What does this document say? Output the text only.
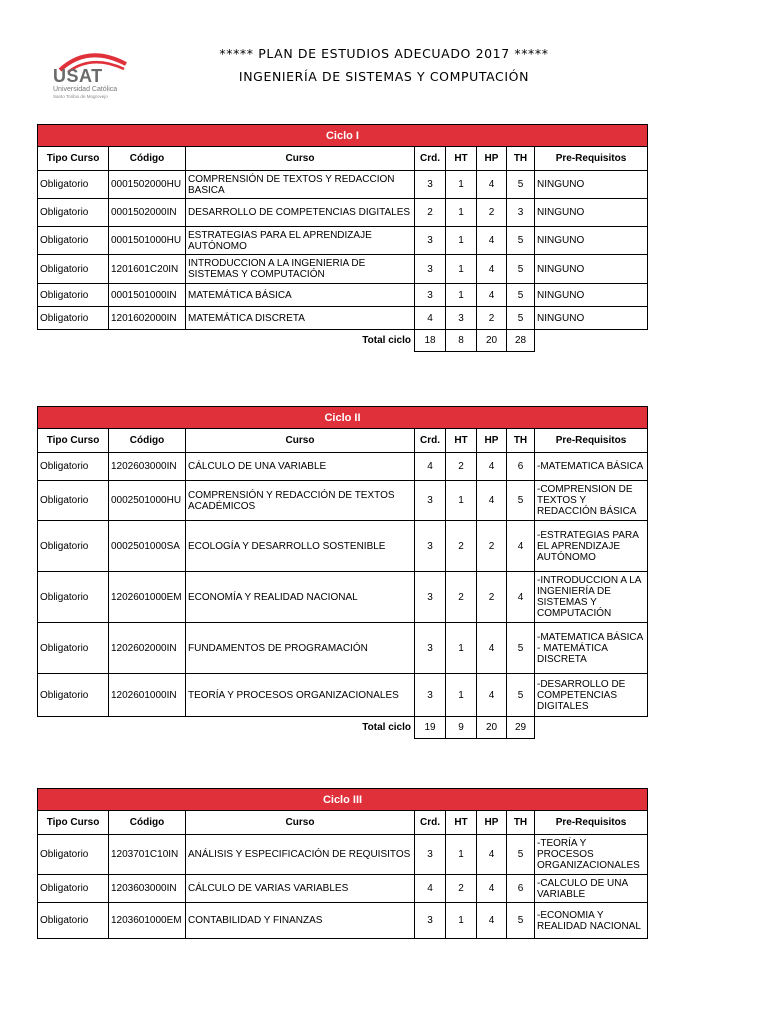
USAT
Universidad Católica
Santo Toribio de Mogrovejo
***** PLAN DE ESTUDIOS ADECUADO 2017 *****
INGENIERÍA DE SISTEMAS Y COMPUTACIÓN
Ciclo I							
Tipo Curso	Código	Curso	Crd.	HT	HP	TH	Pre-Requisitos
Obligatorio	0001502000HU	COMPRENSIÓN DE TEXTOS Y REDACCION BASICA	3	1	4	5	NINGUNO
Obligatorio	0001502000IN	DESARROLLO DE COMPETENCIAS DIGITALES	2	1	2	3	NINGUNO
Obligatorio	0001501000HU	ESTRATEGIAS PARA EL APRENDIZAJE AUTÓNOMO	3	1	4	5	NINGUNO
Obligatorio	1201601C20IN	INTRODUCCION A LA INGENIERIA DE SISTEMAS Y COMPUTACIÓN	3	1	4	5	NINGUNO
Obligatorio	0001501000IN	MATEMÁTICA BÁSICA	3	1	4	5	NINGUNO
Obligatorio	1201602000IN	MATEMÁTICA DISCRETA	4	3	2	5	NINGUNO
		Total ciclo	18	8	20	28	
Ciclo II							
Tipo Curso	Código	Curso	Crd.	HT	HP	TH	Pre-Requisitos
Obligatorio	1202603000IN	CÁLCULO DE UNA VARIABLE	4	2	4	6	-MATEMATICA BÁSICA
Obligatorio	0002501000HU	COMPRENSIÓN Y REDACCIÓN DE TEXTOS ACADÉMICOS	3	1	4	5	-COMPRENSION DE TEXTOS Y REDACCIÓN BÁSICA
Obligatorio	0002501000SA	ECOLOGÍA Y DESARROLLO SOSTENIBLE	3	2	2	4	-ESTRATEGIAS PARA EL APRENDIZAJE AUTÓNOMO
Obligatorio	1202601000EM	ECONOMÍA Y REALIDAD NACIONAL	3	2	2	4	-INTRODUCCION A LA INGENIERÍA DE SISTEMAS Y COMPUTACIÓN
Obligatorio	1202602000IN	FUNDAMENTOS DE PROGRAMACIÓN	3	1	4	5	-MATEMATICA BÁSICA - MATEMÁTICA DISCRETA
Obligatorio	1202601000IN	TEORÍA Y PROCESOS ORGANIZACIONALES	3	1	4	5	-DESARROLLO DE COMPETENCIAS DIGITALES
		Total ciclo	19	9	20	29	
Ciclo III							
Tipo Curso	Código	Curso	Crd.	HT	HP	TH	Pre-Requisitos
Obligatorio	1203701C10IN	ANÁLISIS Y ESPECIFICACIÓN DE REQUISITOS	3	1	4	5	-TEORÍA Y PROCESOS ORGANIZACIONALES
Obligatorio	1203603000IN	CÁLCULO DE VARIAS VARIABLES	4	2	4	6	-CALCULO DE UNA VARIABLE
Obligatorio	1203601000EM	CONTABILIDAD Y FINANZAS	3	1	4	5	-ECONOMIA Y REALIDAD NACIONAL
